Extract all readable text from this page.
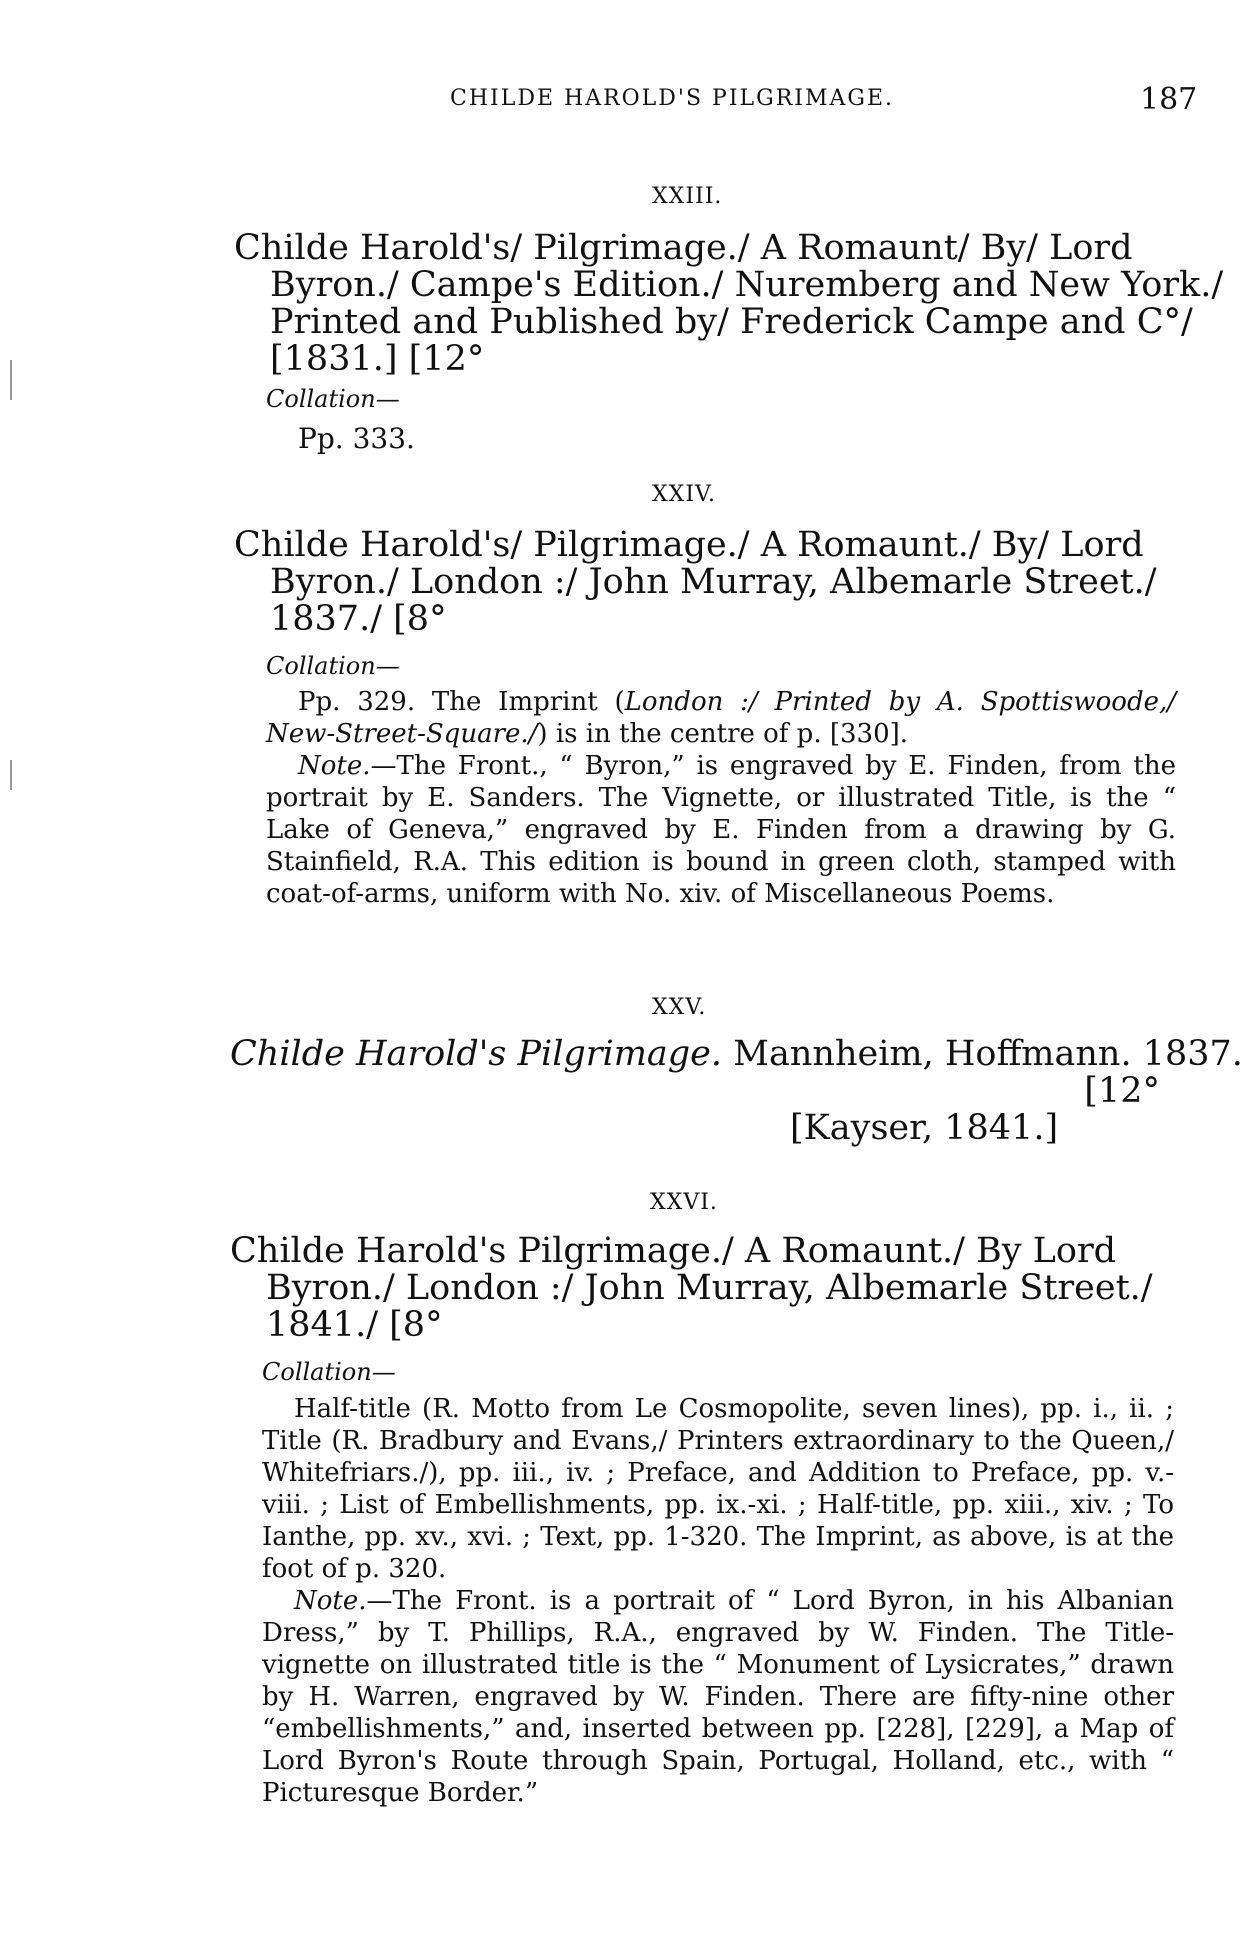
CHILDE HAROLD'S PILGRIMAGE.	187
XXIII.
Childe Harold's/ Pilgrimage./ A Romaunt/ By/ Lord
Byron./ Campe's Edition./ Nuremberg and New York./
Printed and Published by/ Frederick Campe and C°/
[1831.] [12°
Collation—
Pp. 333.
XXIV.
Childe Harold's/ Pilgrimage./ A Romaunt./ By/ Lord
Byron./ London :/ John Murray, Albemarle Street./
1837./ [8°
Collation—

Pp. 329. The Imprint (London :/ Printed by A. Spottiswoode,/ New-Street-Square./) is in the centre of p. [330].

Note.—The Front., “ Byron,” is engraved by E. Finden, from the portrait by E. Sanders. The Vignette, or illustrated Title, is the “ Lake of Geneva,” engraved by E. Finden from a drawing by G. Stainfield, R.A. This edition is bound in green cloth, stamped with coat-of-arms, uniform with No. xiv. of Miscellaneous Poems.

XXV.
Childe Harold's Pilgrimage. Mannheim, Hoffmann. 1837.
[12°
[Kayser, 1841.]
XXVI.
Childe Harold's Pilgrimage./ A Romaunt./ By Lord
Byron./ London :/ John Murray, Albemarle Street./
1841./ [8°
Collation—

Half-title (R. Motto from Le Cosmopolite, seven lines), pp. i., ii. ; Title (R. Bradbury and Evans,/ Printers extraordinary to the Queen,/ Whitefriars./), pp. iii., iv. ; Preface, and Addition to Preface, pp. v.-viii. ; List of Embellishments, pp. ix.-xi. ; Half-title, pp. xiii., xiv. ; To Ianthe, pp. xv., xvi. ; Text, pp. 1-320. The Imprint, as above, is at the foot of p. 320.

Note.—The Front. is a portrait of “ Lord Byron, in his Albanian Dress,” by T. Phillips, R.A., engraved by W. Finden. The Title-vignette on illustrated title is the “ Monument of Lysicrates,” drawn by H. Warren, engraved by W. Finden. There are fifty-nine other “embellishments,” and, inserted between pp. [228], [229], a Map of Lord Byron's Route through Spain, Portugal, Holland, etc., with “ Picturesque Border.”
